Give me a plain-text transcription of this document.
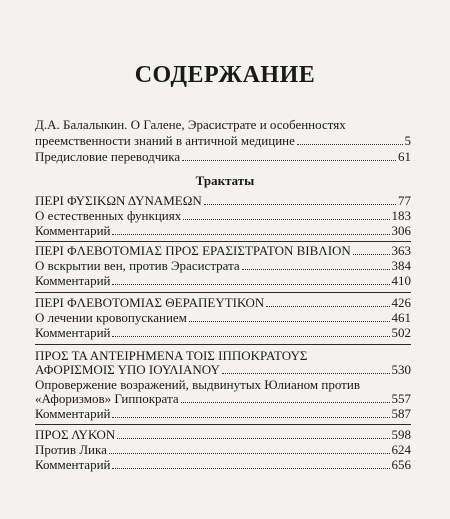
СОДЕРЖАНИЕ
Д.А. Балалыкин. О Галене, Эрасистрате и особенностях
преемственности знаний в античной медицине	5
Предисловие переводчика	61
Трактаты
ΠΕΡΙ ΦΥΣΙΚΩΝ ΔΥΝΑΜΕΩΝ	77
О естественных функциях	183
Комментарий	306
ΠΕΡΙ ΦΛΕΒΟΤΟΜΙΑΣ ΠΡΟΣ ΕΡΑΣΙΣΤΡΑΤΟΝ ΒΙΒΛΙΟΝ	363
О вскрытии вен, против Эрасистрата	384
Комментарий	410
ΠΕΡΙ ΦΛΕΒΟΤΟΜΙΑΣ ΘΕΡΑΠΕΥΤΙΚΟΝ	426
О лечении кровопусканием	461
Комментарий	502
ΠΡΟΣ ΤΑ ΑΝΤΕΙΡΗΜΕΝΑ ΤΟΙΣ ΙΠΠΟΚΡΑΤΟΥΣ
ΑΦΟΡΙΣΜΟΙΣ ΥΠΟ ΙΟΥΛΙΑΝΟΥ	530
Опровержение возражений, выдвинутых Юлианом против
«Афоризмов» Гиппократа	557
Комментарий	587
ΠΡΟΣ ΛΥΚΟΝ	598
Против Лика	624
Комментарий	656
